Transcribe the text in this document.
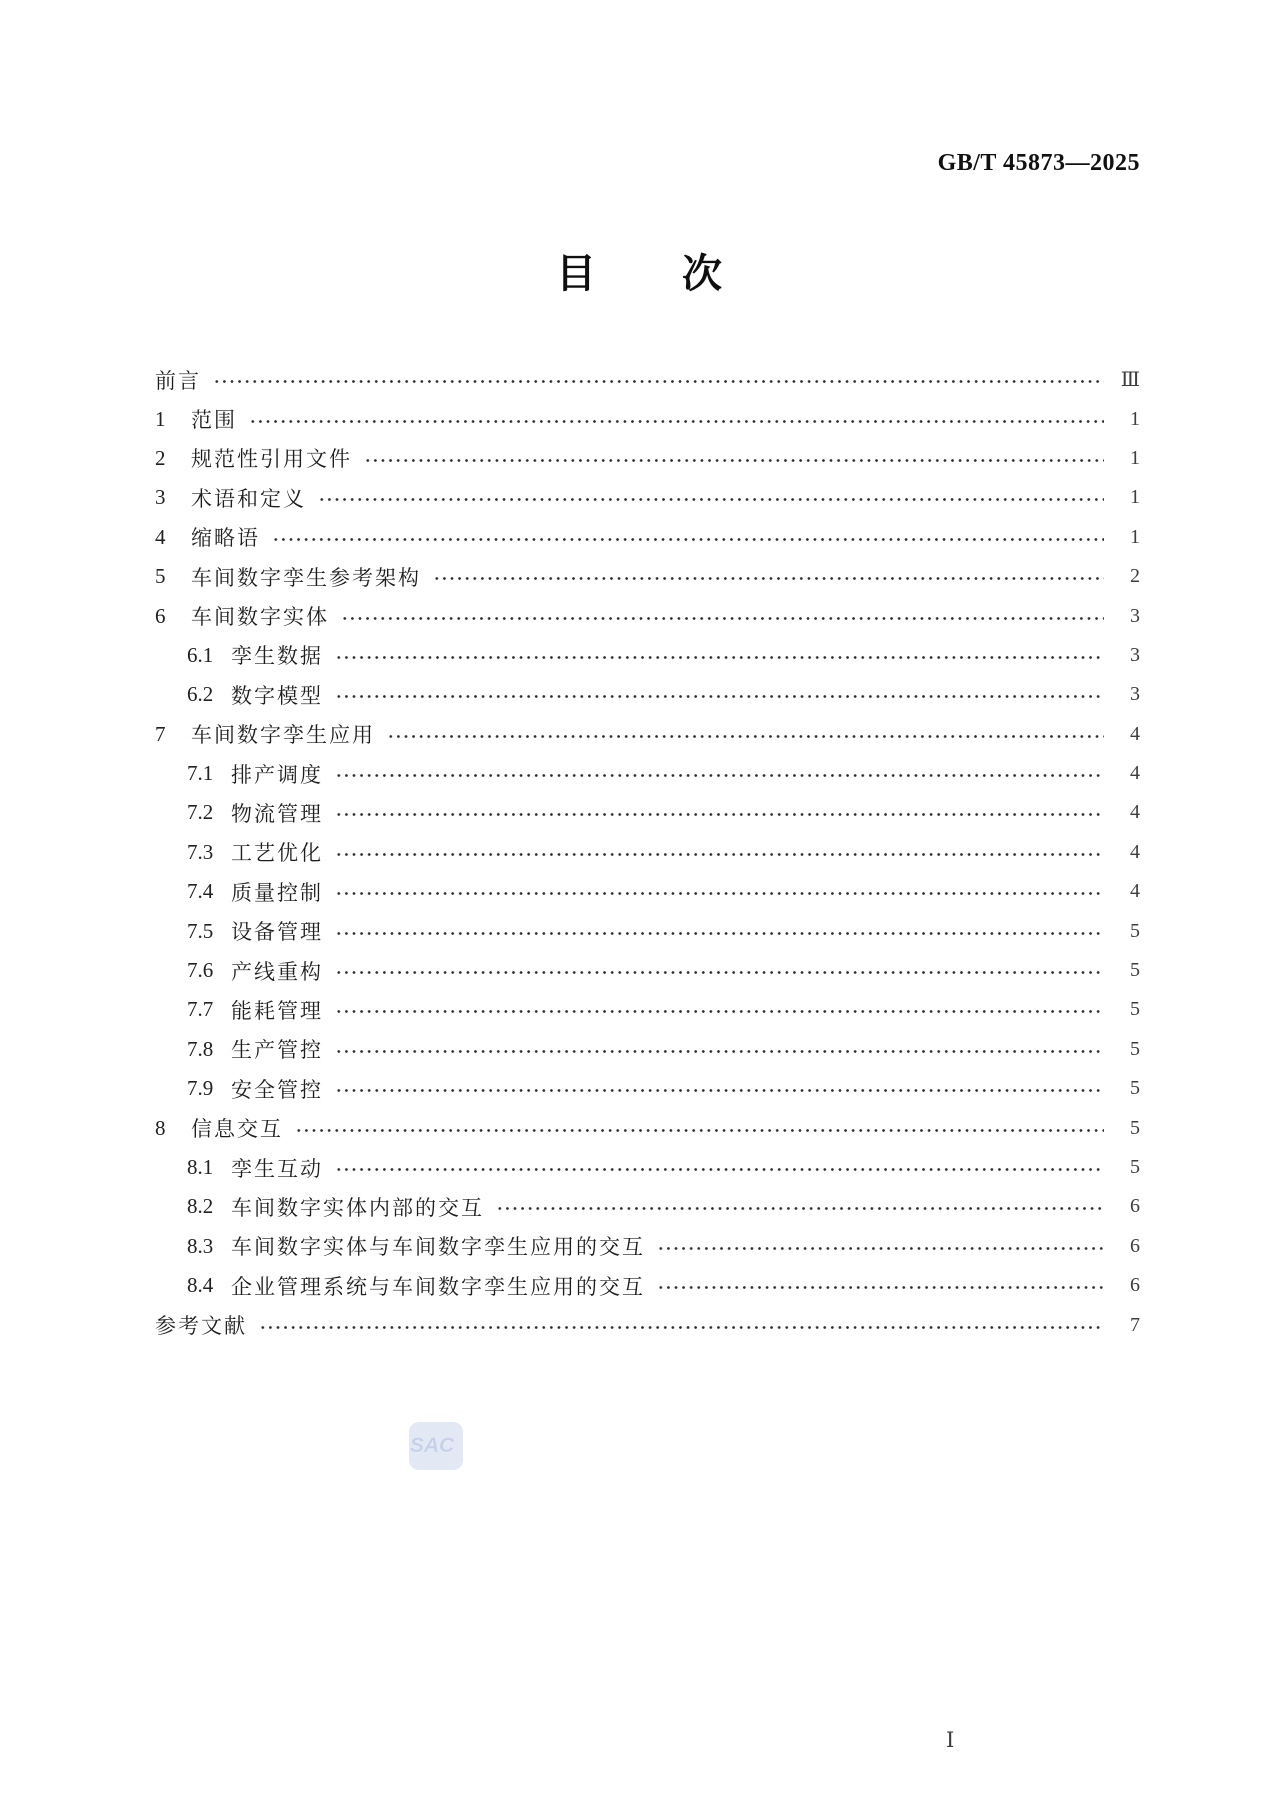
GB/T 45873—2025
目　　次
前言	Ⅲ
1	范围	1
2	规范性引用文件	1
3	术语和定义	1
4	缩略语	1
5	车间数字孪生参考架构	2
6	车间数字实体	3
6.1 孪生数据	3
6.2 数字模型	3
7	车间数字孪生应用	4
7.1 排产调度	4
7.2 物流管理	4
7.3 工艺优化	4
7.4 质量控制	4
7.5 设备管理	5
7.6 产线重构	5
7.7 能耗管理	5
7.8 生产管控	5
7.9 安全管控	5
8	信息交互	5
8.1 孪生互动	5
8.2 车间数字实体内部的交互	6
8.3 车间数字实体与车间数字孪生应用的交互	6
8.4 企业管理系统与车间数字孪生应用的交互	6
参考文献	7
SAC
Ⅰ
